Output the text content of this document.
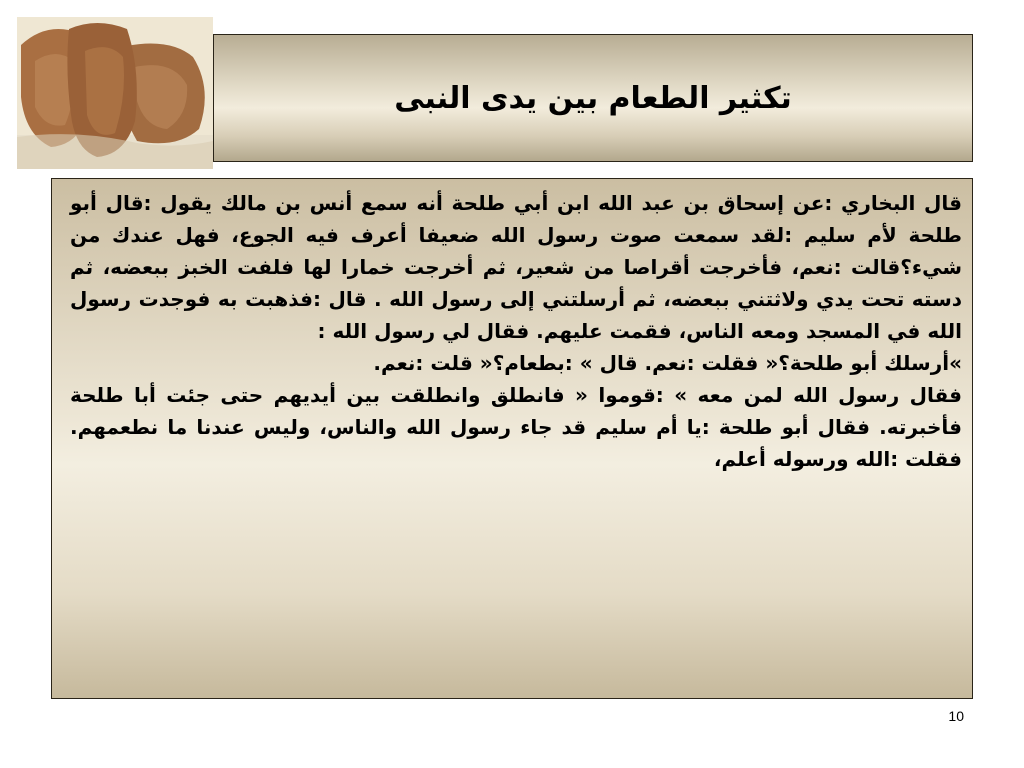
تكثير الطعام بين يدى النبى

قال البخاري :عن إسحاق بن عبد الله ابن أبي طلحة أنه سمع أنس بن مالك يقول :قال أبو طلحة لأم سليم :لقد سمعت صوت رسول الله ضعيفا أعرف فيه الجوع، فهل عندك من شيء؟قالت :نعم، فأخرجت أقراصا من شعير، ثم أخرجت خمارا لها فلفت الخبز ببعضه، ثم دسته تحت يدي ولاثتني ببعضه، ثم أرسلتني إلى رسول الله . قال :فذهبت به فوجدت رسول الله في المسجد ومعه الناس، فقمت عليهم. فقال لي رسول الله :

»أرسلك أبو طلحة؟« فقلت :نعم. قال » :بطعام؟« قلت :نعم.

فقال رسول الله لمن معه » :قوموا « فانطلق وانطلقت بين أيديهم حتى جئت أبا طلحة فأخبرته. فقال أبو طلحة :يا أم سليم قد جاء رسول الله والناس، وليس عندنا ما نطعمهم. فقلت :الله ورسوله أعلم،

10
